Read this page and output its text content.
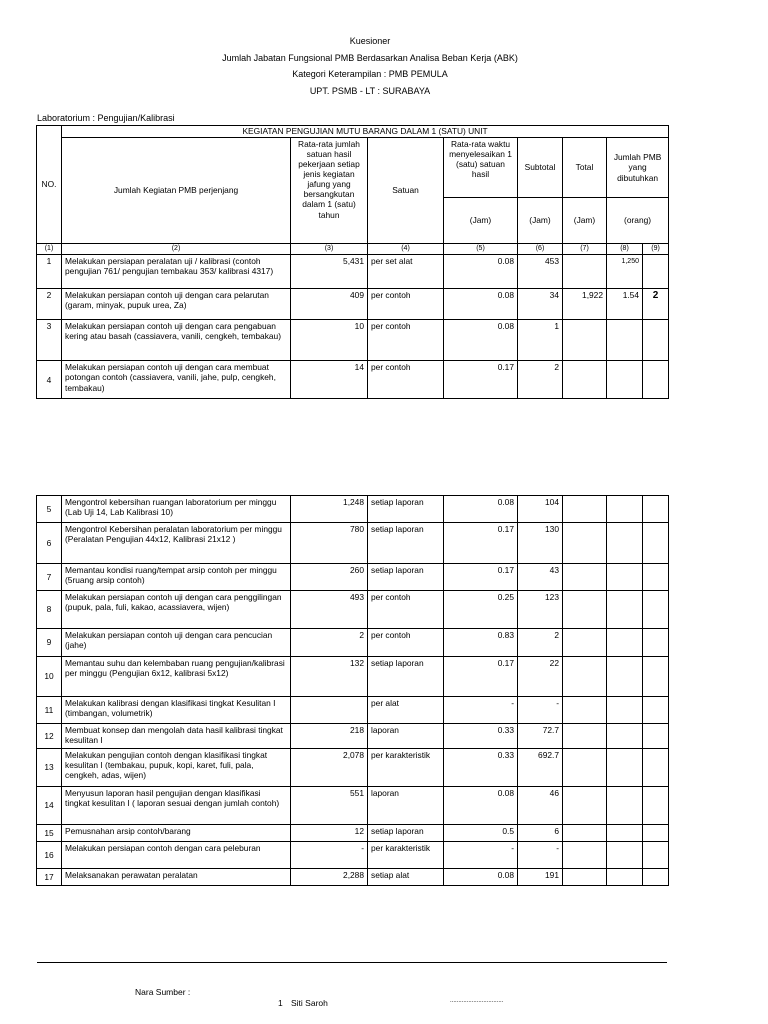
Kuesioner
Jumlah Jabatan Fungsional PMB Berdasarkan Analisa Beban Kerja (ABK)
Kategori Keterampilan : PMB PEMULA
UPT. PSMB - LT : SURABAYA
Laboratorium : Pengujian/Kalibrasi
NO.	KEGIATAN PENGUJIAN MUTU BARANG DALAM 1 (SATU) UNIT							
	Jumlah Kegiatan PMB perjenjang	Rata-rata jumlah satuan hasil pekerjaan setiap jenis kegiatan jafung yang bersangkutan dalam 1 (satu) tahun	Satuan	Rata-rata waktu menyelesaikan 1 (satu) satuan hasil	Subtotal	Total	Jumlah PMB yang dibutuhkan	
				(Jam)	(Jam)	(Jam)	(orang)	
(1)	(2)	(3)	(4)	(5)	(6)	(7)	(8)	(9)
1	Melakukan persiapan peralatan uji / kalibrasi (contoh pengujian 761/ pengujian tembakau 353/ kalibrasi 4317)	5,431	per set alat	0.08	453		1,250	
2	Melakukan persiapan contoh uji dengan cara pelarutan (garam, minyak, pupuk urea, Za)	409	per contoh	0.08	34	1,922	1.54	2
3	Melakukan persiapan contoh uji dengan cara pengabuan kering atau basah (cassiavera, vanili, cengkeh, tembakau)	10	per contoh	0.08	1			
4	Melakukan persiapan contoh uji dengan cara membuat potongan contoh (cassiavera, vanili, jahe, pulp, cengkeh, tembakau)	14	per contoh	0.17	2			
5	Mengontrol kebersihan ruangan laboratorium per minggu (Lab Uji 14, Lab Kalibrasi 10)	1,248	setiap laporan	0.08	104			
6	Mengontrol Kebersihan peralatan laboratorium per minggu (Peralatan Pengujian 44x12, Kalibrasi 21x12 )	780	setiap laporan	0.17	130			
7	Memantau kondisi ruang/tempat arsip contoh per minggu (5ruang arsip contoh)	260	setiap laporan	0.17	43			
8	Melakukan persiapan contoh uji dengan cara penggilingan (pupuk, pala, fuli, kakao, acassiavera, wijen)	493	per contoh	0.25	123			
9	Melakukan persiapan contoh uji dengan cara pencucian (jahe)	2	per contoh	0.83	2			
10	Memantau suhu dan kelembaban ruang pengujian/kalibrasi per minggu (Pengujian 6x12, kalibrasi 5x12)	132	setiap laporan	0.17	22			
11	Melakukan kalibrasi dengan klasifikasi tingkat Kesulitan I (timbangan, volumetrik)		per alat	-	-			
12	Membuat konsep dan mengolah data hasil kalibrasi tingkat kesulitan I	218	laporan	0.33	72.7			
13	Melakukan pengujian contoh dengan klasifikasi tingkat kesulitan I (tembakau, pupuk, kopi, karet, fuli, pala, cengkeh, adas, wijen)	2,078	per karakteristik	0.33	692.7			
14	Menyusun laporan hasil pengujian dengan klasifikasi tingkat kesulitan I ( laporan sesuai dengan jumlah contoh)	551	laporan	0.08	46			
15	Pemusnahan arsip contoh/barang	12	setiap laporan	0.5	6			
16	Melakukan persiapan contoh dengan cara peleburan	-	per karakteristik	-	-			
17	Melaksanakan perawatan peralatan	2,288	setiap alat	0.08	191			
Nara Sumber :
1 Siti Saroh	................................
